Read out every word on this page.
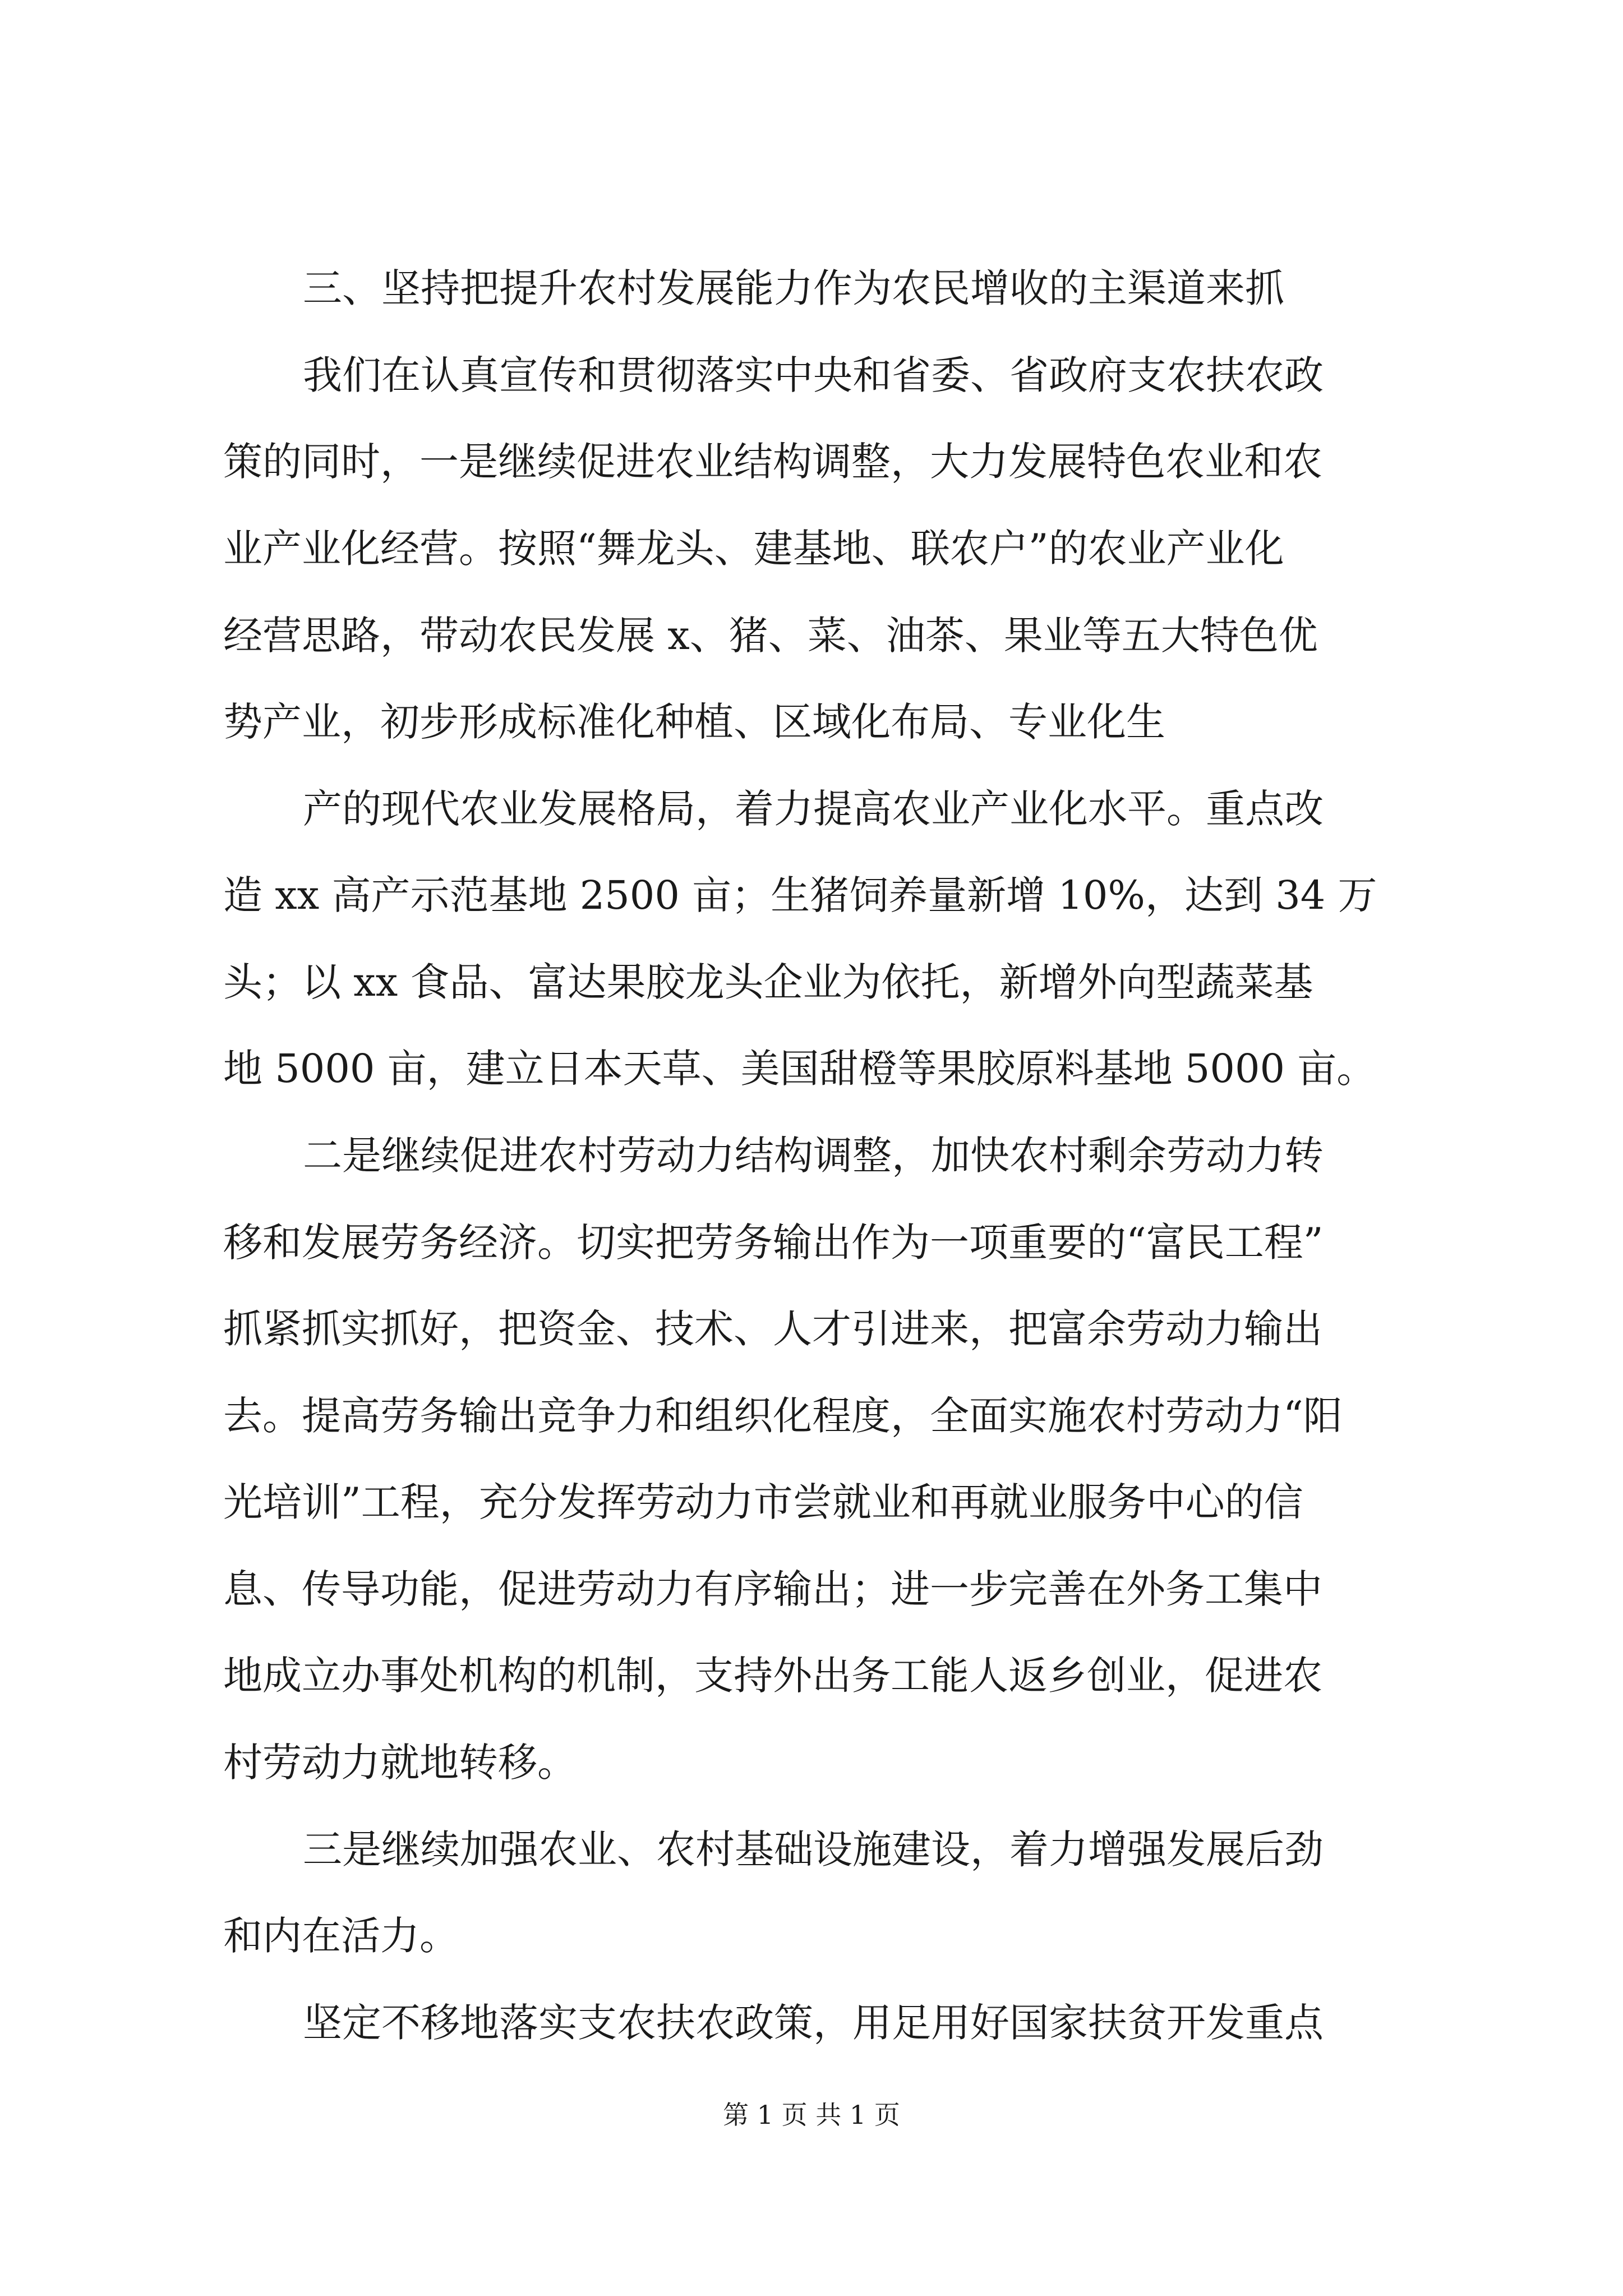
三、坚持把提升农村发展能力作为农民增收的主渠道来抓

我们在认真宣传和贯彻落实中央和省委、省政府支农扶农政

策的同时，一是继续促进农业结构调整，大力发展特色农业和农

业产业化经营。按照“舞龙头、建基地、联农户”的农业产业化

经营思路，带动农民发展 x、猪、菜、油茶、果业等五大特色优

势产业，初步形成标准化种植、区域化布局、专业化生

产的现代农业发展格局，着力提高农业产业化水平。重点改

造 xx 高产示范基地 2500 亩；生猪饲养量新增 10%，达到 34 万

头；以 xx 食品、富达果胶龙头企业为依托，新增外向型蔬菜基

地 5000 亩，建立日本天草、美国甜橙等果胶原料基地 5000 亩。

二是继续促进农村劳动力结构调整，加快农村剩余劳动力转

移和发展劳务经济。切实把劳务输出作为一项重要的“富民工程”

抓紧抓实抓好，把资金、技术、人才引进来，把富余劳动力输出

去。提高劳务输出竞争力和组织化程度，全面实施农村劳动力“阳

光培训”工程，充分发挥劳动力市尝就业和再就业服务中心的信

息、传导功能，促进劳动力有序输出；进一步完善在外务工集中

地成立办事处机构的机制，支持外出务工能人返乡创业，促进农

村劳动力就地转移。

三是继续加强农业、农村基础设施建设，着力增强发展后劲

和内在活力。

坚定不移地落实支农扶农政策，用足用好国家扶贫开发重点

第 1 页 共 1 页
